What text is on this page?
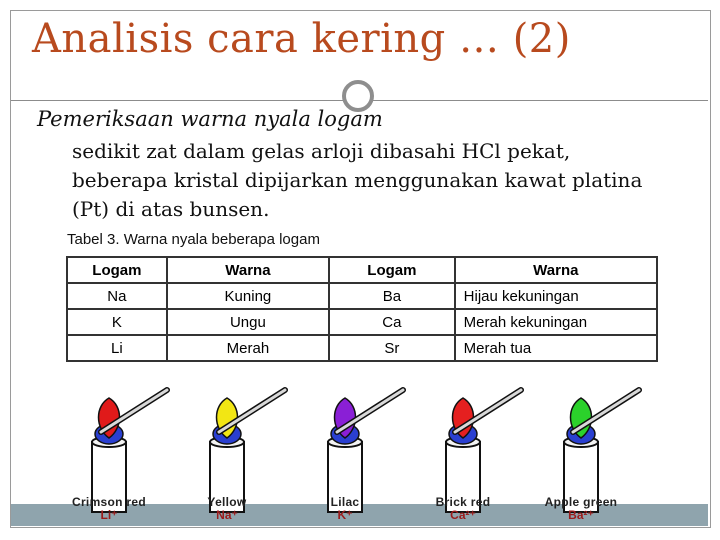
Analisis cara kering … (2)
Pemeriksaan warna nyala logam
sedikit zat dalam gelas arloji dibasahi HCl pekat,
beberapa kristal dipijarkan menggunakan kawat platina
(Pt) di atas bunsen.
Tabel 3. Warna nyala beberapa logam
Logam	Warna	Logam	Warna
Na	Kuning	Ba	Hijau kekuningan
K	Ungu	Ca	Merah kekuningan
Li	Merah	Sr	Merah tua
Crimson red
Li⁺
Yellow
Na⁺
Lilac
K⁺
Brick red
Ca²⁺
Apple green
Ba²⁺
